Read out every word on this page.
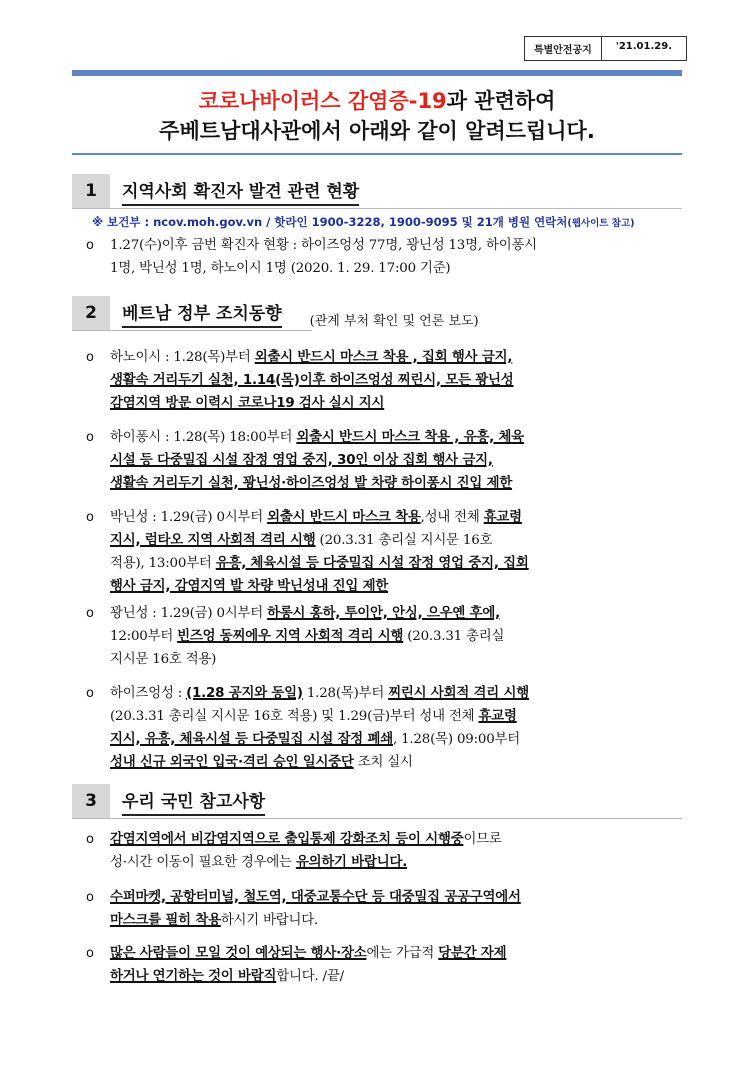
특별안전공지	'21.01.29.
코로나바이러스 감염증-19과 관련하여
주베트남대사관에서 아래와 같이 알려드립니다.
1	지역사회 확진자 발견 관련 현황
※ 보건부 : ncov.moh.gov.vn / 핫라인 1900-3228, 1900-9095 및 21개 병원 연락처(웹사이트 참고)
o 1.27(수)이후 금번 확진자 현황 : 하이즈엉성 77명, 꽝닌성 13명, 하이퐁시
1명, 박닌성 1명, 하노이시 1명 (2020. 1. 29. 17:00 기준)
2	베트남 정부 조치동향 (관계 부처 확인 및 언론 보도)
o 하노이시 : 1.28(목)부터 외출시 반드시 마스크 착용 , 집회 행사 금지,
생활속 거리두기 실천, 1.14(목)이후 하이즈엉성 찌린시, 모든 꽝닌성
감염지역 방문 이력시 코로나19 검사 실시 지시
o 하이퐁시 : 1.28(목) 18:00부터 외출시 반드시 마스크 착용 , 유흥, 체육
시설 등 다중밀집 시설 잠정 영업 중지, 30인 이상 집회 행사 금지,
생활속 거리두기 실천, 꽝닌성·하이즈엉성 발 차량 하이퐁시 진입 제한
o 박닌성 : 1.29(금) 0시부터 외출시 반드시 마스크 착용,성내 전체 휴교령
지시, 럼타오 지역 사회적 격리 시행 (20.3.31 총리실 지시문 16호
적용), 13:00부터 유흥, 체육시설 등 다중밀집 시설 잠정 영업 중지, 집회
행사 금지, 감염지역 발 차량 박닌성내 진입 제한
o 꽝닌성 : 1.29(금) 0시부터 하롱시 홍하, 투이안, 안싱, 으우옌 후에,
12:00부터 빈즈엉 동찌에우 지역 사회적 격리 시행 (20.3.31 총리실
지시문 16호 적용)
o 하이즈엉성 : (1.28 공지와 동일) 1.28(목)부터 찌린시 사회적 격리 시행
(20.3.31 총리실 지시문 16호 적용) 및 1.29(금)부터 성내 전체 휴교령
지시, 유흥, 체육시설 등 다중밀집 시설 잠정 폐쇄, 1.28(목) 09:00부터
성내 신규 외국인 입국·격리 승인 일시중단 조치 실시
3	우리 국민 참고사항
o 감염지역에서 비감염지역으로 출입통제 강화조치 등이 시행중이므로
성·시간 이동이 필요한 경우에는 유의하기 바랍니다.
o 수퍼마켓, 공항터미널, 철도역, 대중교통수단 등 대중밀집 공공구역에서
마스크를 필히 착용하시기 바랍니다.
o 많은 사람들이 모일 것이 예상되는 행사·장소에는 가급적 당분간 자제
하거나 연기하는 것이 바람직합니다. /끝/
